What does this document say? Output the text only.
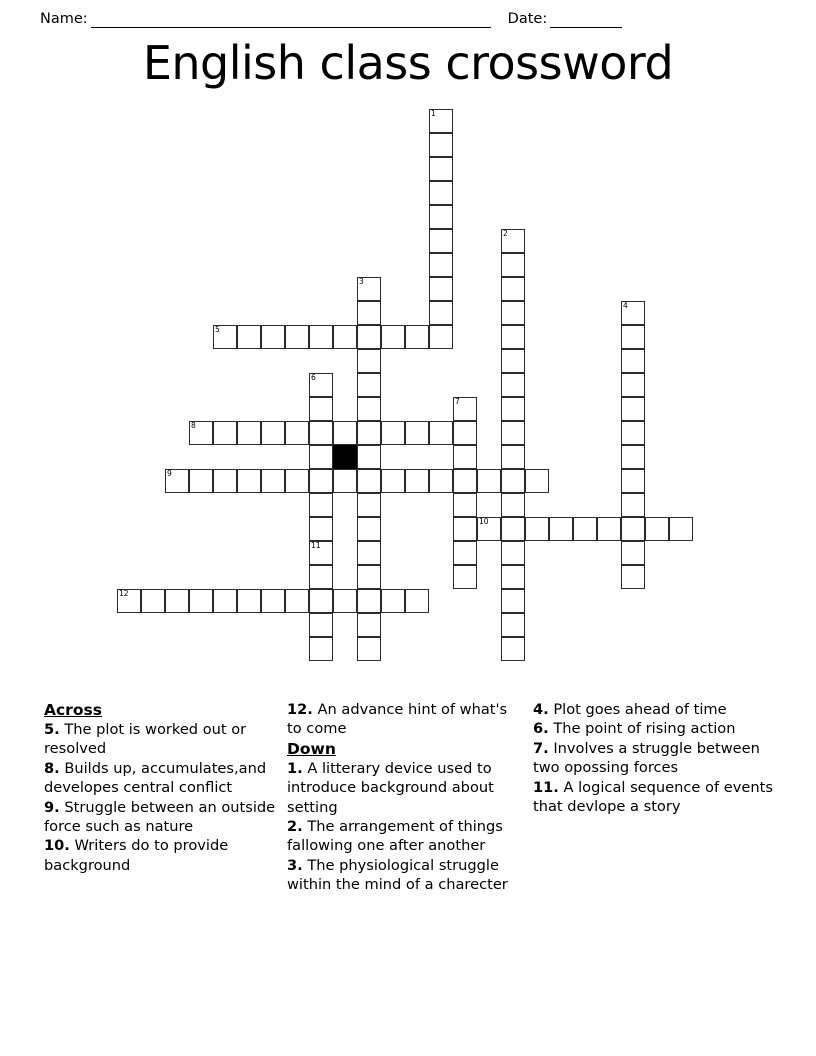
Name:	Date:
English class crossword
1
2
3
4
5
6
11
7
8
9
10
12
Across
5. The plot is worked out or resolved
8. Builds up, accumulates,and developes central conflict
9. Struggle between an outside force such as nature
10. Writers do to provide background
12. An advance hint of what's to come
Down
1. A litterary device used to introduce background about setting
2. The arrangement of things fallowing one after another
3. The physiological struggle within the mind of a charecter
4. Plot goes ahead of time
6. The point of rising action
7. Involves a struggle between two opossing forces
11. A logical sequence of events that devlope a story
